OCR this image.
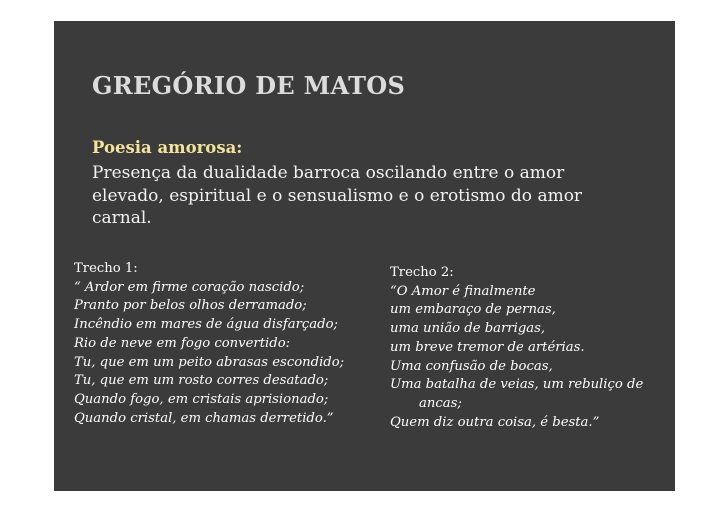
GREGÓRIO DE MATOS
Poesia amorosa:
Presença da dualidade barroca oscilando entre o amor
elevado, espiritual e o sensualismo e o erotismo do amor
carnal.
Trecho 1:
“ Ardor em firme coração nascido;
Pranto por belos olhos derramado;
Incêndio em mares de água disfarçado;
Rio de neve em fogo convertido:
Tu, que em um peito abrasas escondido;
Tu, que em um rosto corres desatado;
Quando fogo, em cristais aprisionado;
Quando cristal, em chamas derretido.”
Trecho 2:
“O Amor é finalmente
um embaraço de pernas,
uma união de barrigas,
um breve tremor de artérias.
Uma confusão de bocas,
Uma batalha de veias, um rebuliço de
ancas;
Quem diz outra coisa, é besta.”
